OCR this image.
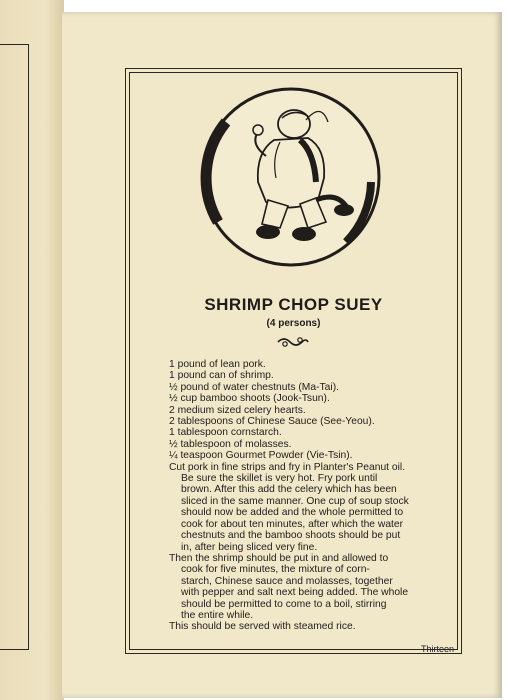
SHRIMP CHOP SUEY
(4 persons)
1 pound of lean pork.
1 pound can of shrimp.
½ pound of water chestnuts (Ma-Tai).
½ cup bamboo shoots (Jook-Tsun).
2 medium sized celery hearts.
2 tablespoons of Chinese Sauce (See-Yeou).
1 tablespoon cornstarch.
½ tablespoon of molasses.
¼ teaspoon Gourmet Powder (Vie-Tsin).
Cut pork in fine strips and fry in Planter's Peanut oil.
Be sure the skillet is very hot. Fry pork until
brown. After this add the celery which has been
sliced in the same manner. One cup of soup stock
should now be added and the whole permitted to
cook for about ten minutes, after which the water
chestnuts and the bamboo shoots should be put
in, after being sliced very fine.
Then the shrimp should be put in and allowed to
cook for five minutes, the mixture of corn-
starch, Chinese sauce and molasses, together
with pepper and salt next being added. The whole
should be permitted to come to a boil, stirring
the entire while.
This should be served with steamed rice.
Thirteen
